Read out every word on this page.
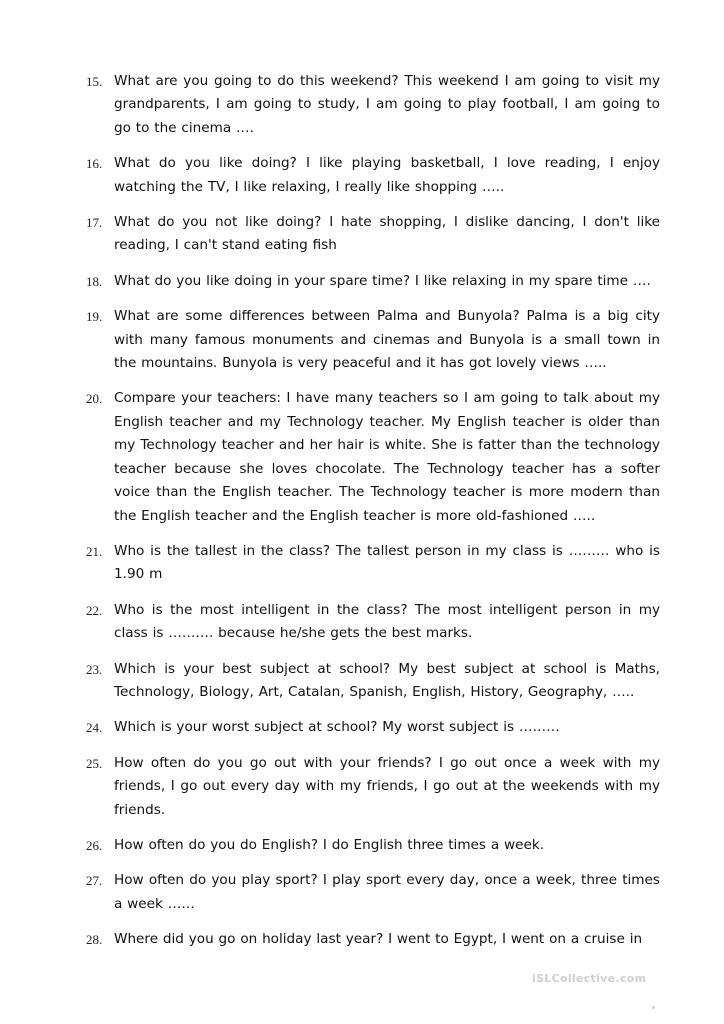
15. What are you going to do this weekend? This weekend I am going to visit my grandparents, I am going to study, I am going to play football, I am going to go to the cinema ….
16. What do you like doing? I like playing basketball, I love reading, I enjoy watching the TV, I like relaxing, I really like shopping …..
17. What do you not like doing? I hate shopping, I dislike dancing, I don't like reading, I can't stand eating fish
18. What do you like doing in your spare time? I like relaxing in my spare time ….
19. What are some differences between Palma and Bunyola? Palma is a big city with many famous monuments and cinemas and Bunyola is a small town in the mountains. Bunyola is very peaceful and it has got lovely views …..
20. Compare your teachers: I have many teachers so I am going to talk about my English teacher and my Technology teacher. My English teacher is older than my Technology teacher and her hair is white. She is fatter than the technology teacher because she loves chocolate. The Technology teacher has a softer voice than the English teacher. The Technology teacher is more modern than the English teacher and the English teacher is more old-fashioned …..
21. Who is the tallest in the class? The tallest person in my class is ……… who is 1.90 m
22. Who is the most intelligent in the class? The most intelligent person in my class is ………. because he/she gets the best marks.
23. Which is your best subject at school? My best subject at school is Maths, Technology, Biology, Art, Catalan, Spanish, English, History, Geography, …..
24. Which is your worst subject at school? My worst subject is ………
25. How often do you go out with your friends? I go out once a week with my friends, I go out every day with my friends, I go out at the weekends with my friends.
26. How often do you do English? I do English three times a week.
27. How often do you play sport? I play sport every day, once a week, three times a week ……
28. Where did you go on holiday last year? I went to Egypt, I went on a cruise in
iSLCollective.com
